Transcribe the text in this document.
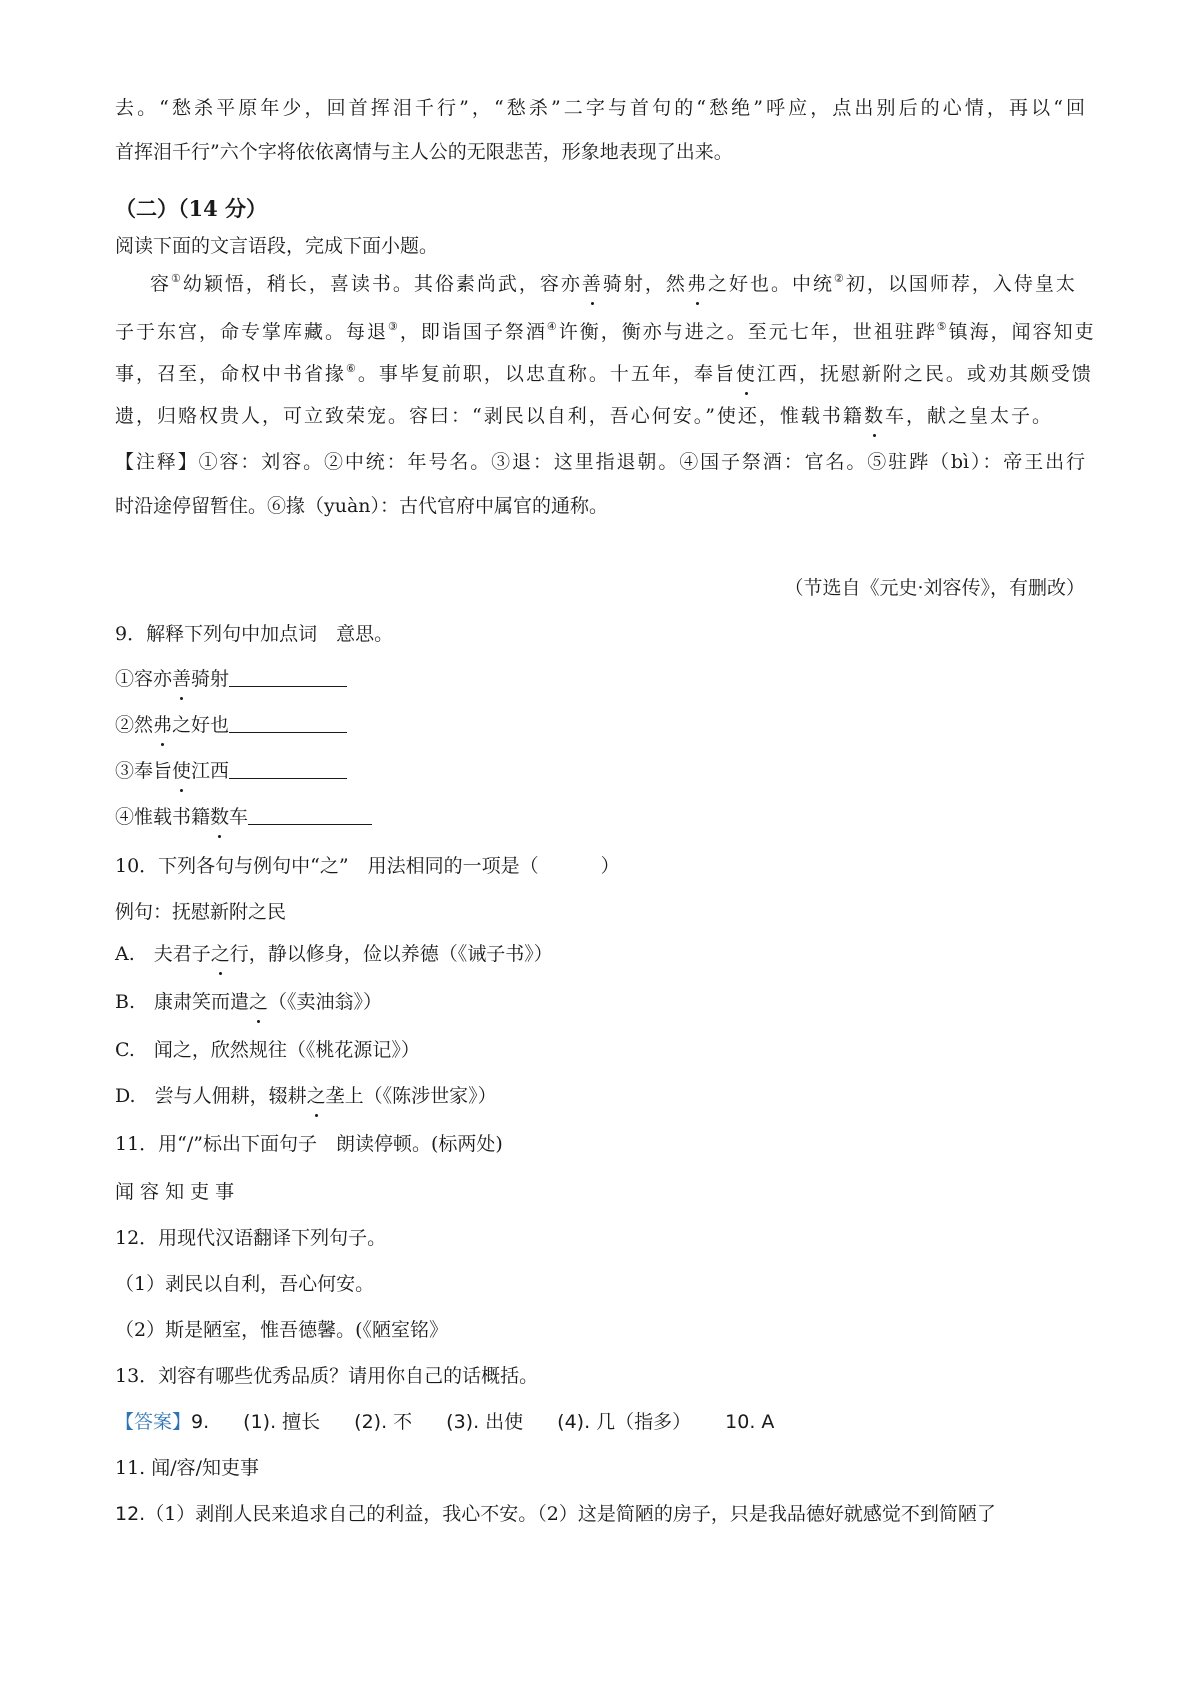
去。“愁杀平原年少，回首挥泪千行”，“愁杀”二字与首句的“愁绝”呼应，点出别后的心情，再以“回
首挥泪千行”六个字将依依离情与主人公的无限悲苦，形象地表现了出来。
（二）（14 分）
阅读下面的文言语段，完成下面小题。
容①幼颖悟，稍长，喜读书。其俗素尚武，容亦善骑射，然弗之好也。中统②初，以国师荐，入侍皇太
子于东宫，命专掌库藏。每退③，即诣国子祭酒④许衡，衡亦与进之。至元七年，世祖驻跸⑤镇海，闻容知吏
事，召至，命权中书省掾⑥。事毕复前职，以忠直称。十五年，奉旨使江西，抚慰新附之民。或劝其颇受馈
遗，归赂权贵人，可立致荣宠。容曰：“剥民以自利，吾心何安。”使还，惟载书籍数车，献之皇太子。
【注释】①容：刘容。②中统：年号名。③退：这里指退朝。④国子祭酒：官名。⑤驻跸（bì）：帝王出行
时沿途停留暂住。⑥掾（yuàn）：古代官府中属官的通称。
（节选自《元史·刘容传》，有删改）
9．解释下列句中加点词　意思。
①容亦善骑射
②然弗之好也
③奉旨使江西
④惟载书籍数车
10．下列各句与例句中“之”　用法相同的一项是（	）
例句：抚慰新附之民
A.　夫君子之行，静以修身，俭以养德（《诫子书》）
B.　康肃笑而遣之（《卖油翁》）
C.　闻之，欣然规往（《桃花源记》）
D.　尝与人佣耕，辍耕之垄上（《陈涉世家》）
11．用“/”标出下面句子　朗读停顿。(标两处)
闻 容 知 吏 事
12．用现代汉语翻译下列句子。
（1）剥民以自利，吾心何安。
（2）斯是陋室，惟吾德馨。(《陋室铭》
13．刘容有哪些优秀品质？请用你自己的话概括。
【答案】9. (1). 擅长 (2). 不 (3). 出使 (4). 几（指多） 10. A
11. 闻/容/知吏事
12.（1）剥削人民来追求自己的利益，我心不安。（2）这是简陋的房子，只是我品德好就感觉不到简陋了
